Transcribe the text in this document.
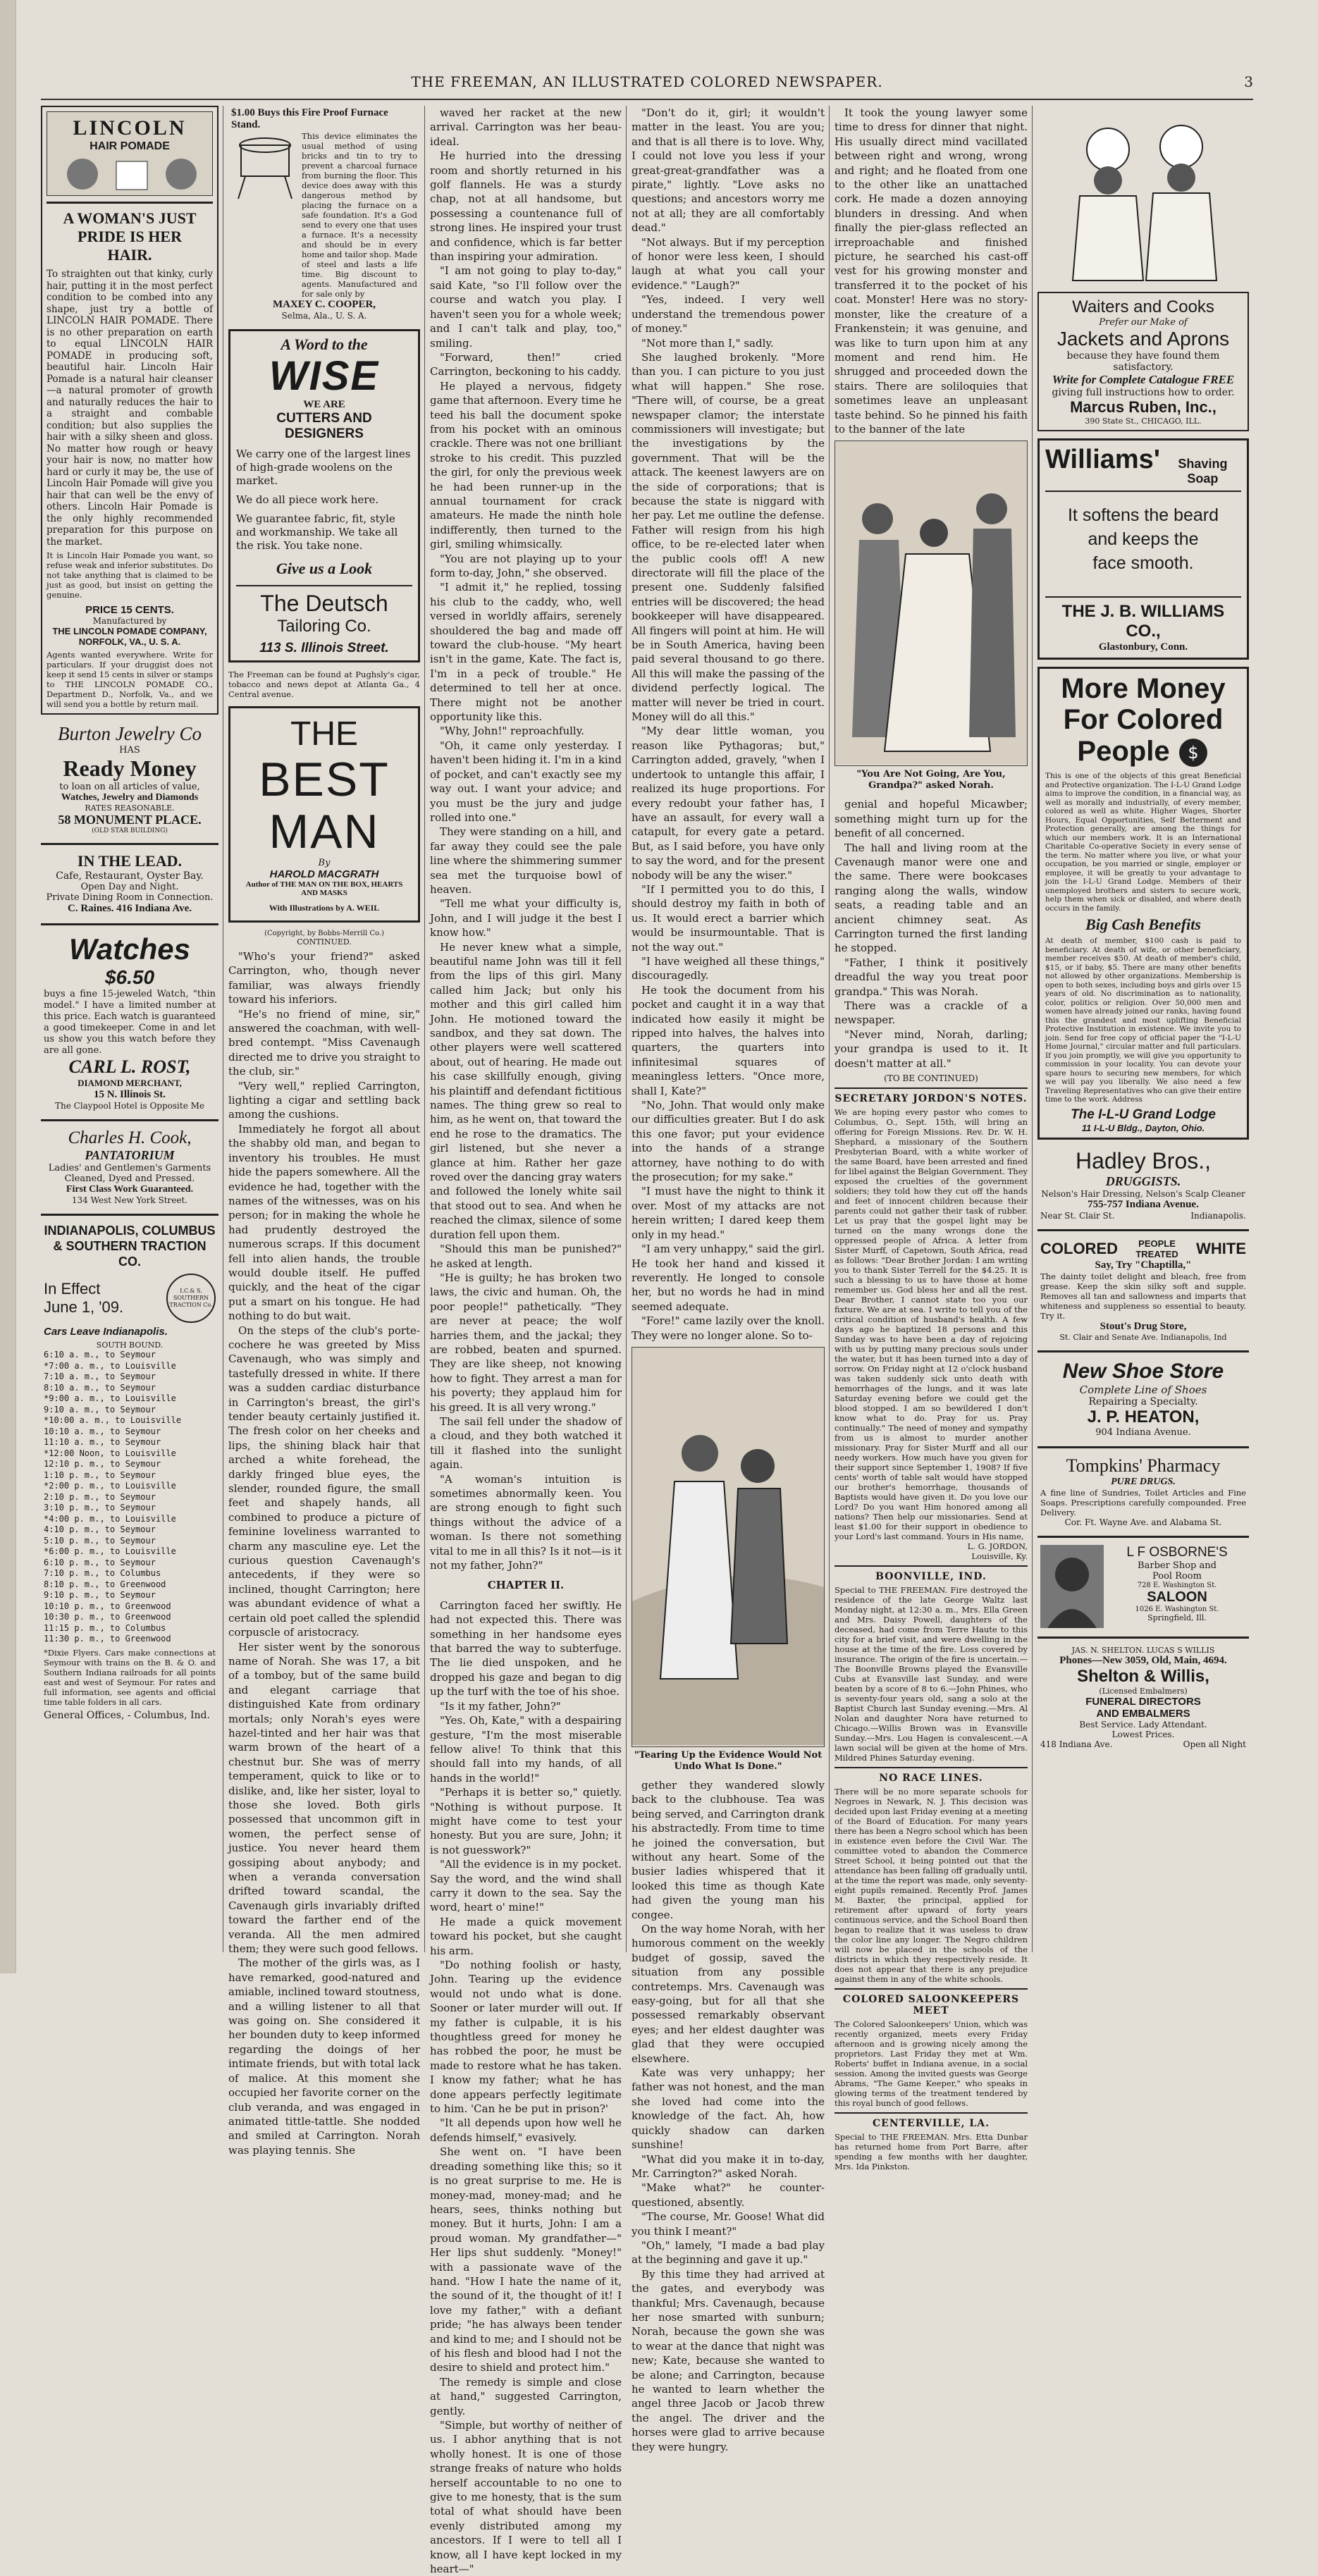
THE FREEMAN, AN ILLUSTRATED COLORED NEWSPAPER.	3
LINCOLN
HAIR POMADE
A WOMAN'S JUST
PRIDE IS HER
HAIR.
To straighten out that kinky, curly hair, putting it in the most perfect condition to be combed into any shape, just try a bottle of LINCOLN HAIR POMADE. There is no other preparation on earth to equal LINCOLN HAIR POMADE in producing soft, beautiful hair. Lincoln Hair Pomade is a natural hair cleanser—a natural promoter of growth and naturally reduces the hair to a straight and combable condition; but also supplies the hair with a silky sheen and gloss. No matter how rough or heavy your hair is now, no matter how hard or curly it may be, the use of Lincoln Hair Pomade will give you hair that can well be the envy of others. Lincoln Hair Pomade is the only highly recommended preparation for this purpose on the market.
It is Lincoln Hair Pomade you want, so refuse weak and inferior substitutes. Do not take anything that is claimed to be just as good, but insist on getting the genuine.
PRICE 15 CENTS.
Manufactured by
THE LINCOLN POMADE COMPANY,
NORFOLK, VA., U. S. A.
Agents wanted everywhere. Write for particulars. If your druggist does not keep it send 15 cents in silver or stamps to THE LINCOLN POMADE CO., Department D., Norfolk, Va., and we will send you a bottle by return mail.
Burton Jewelry Co
HAS
Ready Money
to loan on all articles of value,
Watches, Jewelry and Diamonds
RATES REASONABLE.
58 MONUMENT PLACE.
(OLD STAR BUILDING)
IN THE LEAD.
Cafe, Restaurant, Oyster Bay.
Open Day and Night.
Private Dining Room in Connection.
C. Raines. 416 Indiana Ave.
Watches
$6.50
buys a fine 15-jeweled Watch, "thin model." I have a limited number at this price. Each watch is guaranteed a good timekeeper. Come in and let us show you this watch before they are all gone.
CARL L. ROST,
DIAMOND MERCHANT,
15 N. Illinois St.
The Claypool Hotel is Opposite Me
Charles H. Cook,
PANTATORIUM
Ladies' and Gentlemen's Garments Cleaned, Dyed and Pressed.
First Class Work Guaranteed.
134 West New York Street.
INDIANAPOLIS, COLUMBUS & SOUTHERN TRACTION CO.
In Effect
June 1, '09.
I.C.& S. SOUTHERN TRACTION Co.
Cars Leave Indianapolis.
SOUTH BOUND.
6:10 a. m., to Seymour
*7:00 a. m., to Louisville
7:10 a. m., to Seymour
8:10 a. m., to Seymour
*9:00 a. m., to Louisville
9:10 a. m., to Seymour
*10:00 a. m., to Louisville
10:10 a. m., to Seymour
11:10 a. m., to Seymour
*12:00 Noon, to Louisville
12:10 p. m., to Seymour
1:10 p. m., to Seymour
*2:00 p. m., to Louisville
2:10 p. m., to Seymour
3:10 p. m., to Seymour
*4:00 p. m., to Louisville
4:10 p. m., to Seymour
5:10 p. m., to Seymour
*6:00 p. m., to Louisville
6:10 p. m., to Seymour
7:10 p. m., to Columbus
8:10 p. m., to Greenwood
9:10 p. m., to Seymour
10:10 p. m., to Greenwood
10:30 p. m., to Greenwood
11:15 p. m., to Columbus
11:30 p. m., to Greenwood
*Dixie Flyers. Cars make connections at Seymour with trains on the B. & O. and Southern Indiana railroads for all points east and west of Seymour. For rates and full information, see agents and official time table folders in all cars.
General Offices, - Columbus, Ind.
$1.00 Buys this Fire Proof Furnace Stand.
This device eliminates the usual method of using bricks and tin to try to prevent a charcoal furnace from burning the floor. This device does away with this dangerous method by placing the furnace on a safe foundation. It's a God send to every one that uses a furnace. It's a necessity and should be in every home and tailor shop. Made of steel and lasts a life time. Big discount to agents. Manufactured and for sale only by
MAXEY C. COOPER,
Selma, Ala., U. S. A.
A Word to the
WISE
WE ARE
CUTTERS AND DESIGNERS
We carry one of the largest lines of high-grade woolens on the market.
We do all piece work here.
We guarantee fabric, fit, style and workmanship. We take all the risk. You take none.
Give us a Look
The Deutsch
Tailoring Co.
113 S. Illinois Street.
The Freeman can be found at Pughsly's cigar, tobacco and news depot at Atlanta Ga., 4 Central avenue.
THE
BEST
MAN
By
HAROLD MACGRATH
Author of THE MAN ON THE BOX, HEARTS AND MASKS
With Illustrations by A. WEIL
(Copyright, by Bobbs-Merrill Co.)
CONTINUED.

"Who's your friend?" asked Carrington, who, though never familiar, was always friendly toward his inferiors.

"He's no friend of mine, sir," answered the coachman, with well-bred contempt. "Miss Cavenaugh directed me to drive you straight to the club, sir."

"Very well," replied Carrington, lighting a cigar and settling back among the cushions.

Immediately he forgot all about the shabby old man, and began to inventory his troubles. He must hide the papers somewhere. All the evidence he had, together with the names of the witnesses, was on his person; for in making the whole he had prudently destroyed the numerous scraps. If this document fell into alien hands, the trouble would double itself. He puffed quickly, and the heat of the cigar put a smart on his tongue. He had nothing to do but wait.

On the steps of the club's porte-cochere he was greeted by Miss Cavenaugh, who was simply and tastefully dressed in white. If there was a sudden cardiac disturbance in Carrington's breast, the girl's tender beauty certainly justified it. The fresh color on her cheeks and lips, the shining black hair that arched a white forehead, the darkly fringed blue eyes, the slender, rounded figure, the small feet and shapely hands, all combined to produce a picture of feminine loveliness warranted to charm any masculine eye. Let the curious question Cavenaugh's antecedents, if they were so inclined, thought Carrington; here was abundant evidence of what a certain old poet called the splendid corpuscle of aristocracy.

Her sister went by the sonorous name of Norah. She was 17, a bit of a tomboy, but of the same build and elegant carriage that distinguished Kate from ordinary mortals; only Norah's eyes were hazel-tinted and her hair was that warm brown of the heart of a chestnut bur. She was of merry temperament, quick to like or to dislike, and, like her sister, loyal to those she loved. Both girls possessed that uncommon gift in women, the perfect sense of justice. You never heard them gossiping about anybody; and when a veranda conversation drifted toward scandal, the Cavenaugh girls invariably drifted toward the farther end of the veranda. All the men admired them; they were such good fellows.

The mother of the girls was, as I have remarked, good-natured and amiable, inclined toward stoutness, and a willing listener to all that was going on. She considered it her bounden duty to keep informed regarding the doings of her intimate friends, but with total lack of malice. At this moment she occupied her favorite corner on the club veranda, and was engaged in animated tittle-tattle. She nodded and smiled at Carrington. Norah was playing tennis. She

waved her racket at the new arrival. Carrington was her beau-ideal.

He hurried into the dressing room and shortly returned in his golf flannels. He was a sturdy chap, not at all handsome, but possessing a countenance full of strong lines. He inspired your trust and confidence, which is far better than inspiring your admiration.

"I am not going to play to-day," said Kate, "so I'll follow over the course and watch you play. I haven't seen you for a whole week; and I can't talk and play, too," smiling.

"Forward, then!" cried Carrington, beckoning to his caddy.

He played a nervous, fidgety game that afternoon. Every time he teed his ball the document spoke from his pocket with an ominous crackle. There was not one brilliant stroke to his credit. This puzzled the girl, for only the previous week he had been runner-up in the annual tournament for crack amateurs. He made the ninth hole indifferently, then turned to the girl, smiling whimsically.

"You are not playing up to your form to-day, John," she observed.

"I admit it," he replied, tossing his club to the caddy, who, well versed in worldly affairs, serenely shouldered the bag and made off toward the club-house. "My heart isn't in the game, Kate. The fact is, I'm in a peck of trouble." He determined to tell her at once. There might not be another opportunity like this.

"Why, John!" reproachfully.

"Oh, it came only yesterday. I haven't been hiding it. I'm in a kind of pocket, and can't exactly see my way out. I want your advice; and you must be the jury and judge rolled into one."

They were standing on a hill, and far away they could see the pale line where the shimmering summer sea met the turquoise bowl of heaven.

"Tell me what your difficulty is, John, and I will judge it the best I know how."

He never knew what a simple, beautiful name John was till it fell from the lips of this girl. Many called him Jack; but only his mother and this girl called him John. He motioned toward the sandbox, and they sat down. The other players were well scattered about, out of hearing. He made out his case skillfully enough, giving his plaintiff and defendant fictitious names. The thing grew so real to him, as he went on, that toward the end he rose to the dramatics. The girl listened, but she never a glance at him. Rather her gaze roved over the dancing gray waters and followed the lonely white sail that stood out to sea. And when he reached the climax, silence of some duration fell upon them.

"Should this man be punished?" he asked at length.

"He is guilty; he has broken two laws, the civic and human. Oh, the poor people!" pathetically. "They are never at peace; the wolf harries them, and the jackal; they are robbed, beaten and spurned. They are like sheep, not knowing how to fight. They arrest a man for his poverty; they applaud him for his greed. It is all very wrong."

The sail fell under the shadow of a cloud, and they both watched it till it flashed into the sunlight again.

"A woman's intuition is sometimes abnormally keen. You are strong enough to fight such things without the advice of a woman. Is there not something vital to me in all this? Is it not—is it not my father, John?"

CHAPTER II.

Carrington faced her swiftly. He had not expected this. There was something in her handsome eyes that barred the way to subterfuge. The lie died unspoken, and he dropped his gaze and began to dig up the turf with the toe of his shoe.

"Is it my father, John?"

"Yes. Oh, Kate," with a despairing gesture, "I'm the most miserable fellow alive! To think that this should fall into my hands, of all hands in the world!"

"Perhaps it is better so," quietly. "Nothing is without purpose. It might have come to test your honesty. But you are sure, John; it is not guesswork?"

"All the evidence is in my pocket. Say the word, and the wind shall carry it down to the sea. Say the word, heart o' mine!"

He made a quick movement toward his pocket, but she caught his arm.

"Do nothing foolish or hasty, John. Tearing up the evidence would not undo what is done. Sooner or later murder will out. If my father is culpable, it is his thoughtless greed for money he has robbed the poor, he must be made to restore what he has taken. I know my father; what he has done appears perfectly legitimate to him. 'Can he be put in prison?'

"It all depends upon how well he defends himself," evasively.

She went on. "I have been dreading something like this; so it is no great surprise to me. He is money-mad, money-mad; and he hears, sees, thinks nothing but money. But it hurts, John: I am a proud woman. My grandfather—" Her lips shut suddenly. "Money!" with a passionate wave of the hand. "How I hate the name of it, the sound of it, the thought of it! I love my father," with a defiant pride; "he has always been tender and kind to me; and I should not be of his flesh and blood had I not the desire to shield and protect him."

The remedy is simple and close at hand," suggested Carrington, gently.

"Simple, but worthy of neither of us. I abhor anything that is not wholly honest. It is one of those strange freaks of nature who holds herself accountable to no one to give to me honesty, that is the sum total of what should have been evenly distributed among my ancestors. If I were to tell all I know, all I have kept locked in my heart—"

"Don't do it, girl; it wouldn't matter in the least. You are you; and that is all there is to love. Why, I could not love you less if your great-great-grandfather was a pirate," lightly. "Love asks no questions; and ancestors worry me not at all; they are all comfortably dead."

"Not always. But if my perception of honor were less keen, I should laugh at what you call your evidence." "Laugh?"

"Yes, indeed. I very well understand the tremendous power of money."

"Not more than I," sadly.

She laughed brokenly. "More than you. I can picture to you just what will happen." She rose. "There will, of course, be a great newspaper clamor; the interstate commissioners will investigate; but the investigations by the government. That will be the attack. The keenest lawyers are on the side of corporations; that is because the state is niggard with her pay. Let me outline the defense. Father will resign from his high office, to be re-elected later when the public cools off! A new directorate will fill the place of the present one. Suddenly falsified entries will be discovered; the head bookkeeper will have disappeared. All fingers will point at him. He will be in South America, having been paid several thousand to go there. All this will make the passing of the dividend perfectly logical. The matter will never be tried in court. Money will do all this."

"My dear little woman, you reason like Pythagoras; but," Carrington added, gravely, "when I undertook to untangle this affair, I realized its huge proportions. For every redoubt your father has, I have an assault, for every wall a catapult, for every gate a petard. But, as I said before, you have only to say the word, and for the present nobody will be any the wiser."

"If I permitted you to do this, I should destroy my faith in both of us. It would erect a barrier which would be insurmountable. That is not the way out."

"I have weighed all these things," discouragedly.

He took the document from his pocket and caught it in a way that indicated how easily it might be ripped into halves, the halves into quarters, the quarters into infinitesimal squares of meaningless letters. "Once more, shall I, Kate?"

"No, John. That would only make our difficulties greater. But I do ask this one favor; put your evidence into the hands of a strange attorney, have nothing to do with the prosecution; for my sake."

"I must have the night to think it over. Most of my attacks are not herein written; I dared keep them only in my head."

"I am very unhappy," said the girl. He took her hand and kissed it reverently. He longed to console her, but no words he had in mind seemed adequate.

"Fore!" came lazily over the knoll. They were no longer alone. So to-

"Tearing Up the Evidence Would Not Undo What Is Done."

gether they wandered slowly back to the clubhouse. Tea was being served, and Carrington drank his abstractedly. From time to time he joined the conversation, but without any heart. Some of the busier ladies whispered that it looked this time as though Kate had given the young man his congee.

On the way home Norah, with her humorous comment on the weekly budget of gossip, saved the situation from any possible contretemps. Mrs. Cavenaugh was easy-going, but for all that she possessed remarkably observant eyes; and her eldest daughter was glad that they were occupied elsewhere.

Kate was very unhappy; her father was not honest, and the man she loved had come into the knowledge of the fact. Ah, how quickly shadow can darken sunshine!

"What did you make it in to-day, Mr. Carrington?" asked Norah.

"Make what?" he counter-questioned, absently.

"The course, Mr. Goose! What did you think I meant?"

"Oh," lamely, "I made a bad play at the beginning and gave it up."

By this time they had arrived at the gates, and everybody was thankful; Mrs. Cavenaugh, because her nose smarted with sunburn; Norah, because the gown she was to wear at the dance that night was new; Kate, because she wanted to be alone; and Carrington, because he wanted to learn whether the angel three Jacob or Jacob threw the angel. The driver and the horses were glad to arrive because they were hungry.

It took the young lawyer some time to dress for dinner that night. His usually direct mind vacillated between right and wrong, wrong and right; and he floated from one to the other like an unattached cork. He made a dozen annoying blunders in dressing. And when finally the pier-glass reflected an irreproachable and finished picture, he searched his cast-off vest for his growing monster and transferred it to the pocket of his coat. Monster! Here was no story-monster, like the creature of a Frankenstein; it was genuine, and was like to turn upon him at any moment and rend him. He shrugged and proceeded down the stairs. There are soliloquies that sometimes leave an unpleasant taste behind. So he pinned his faith to the banner of the late

"You Are Not Going, Are You, Grandpa?" asked Norah.

genial and hopeful Micawber; something might turn up for the benefit of all concerned.

The hall and living room at the Cavenaugh manor were one and the same. There were bookcases ranging along the walls, window seats, a reading table and an ancient chimney seat. As Carrington turned the first landing he stopped.

"Father, I think it positively dreadful the way you treat poor grandpa." This was Norah.

There was a crackle of a newspaper.

"Never mind, Norah, darling; your grandpa is used to it. It doesn't matter at all."

(TO BE CONTINUED)
SECRETARY JORDON'S NOTES.
We are hoping every pastor who comes to Columbus, O., Sept. 15th, will bring an offering for Foreign Missions. Rev. Dr. W. H. Shephard, a missionary of the Southern Presbyterian Board, with a white worker of the same Board, have been arrested and fined for libel against the Belgian Government. They exposed the cruelties of the government soldiers; they told how they cut off the hands and feet of innocent children because their parents could not gather their task of rubber. Let us pray that the gospel light may be turned on the many wrongs done the oppressed people of Africa. A letter from Sister Murff, of Capetown, South Africa, read as follows: "Dear Brother Jordan: I am writing you to thank Sister Terrell for the $4.25. It is such a blessing to us to have those at home remember us. God bless her and all the rest. Dear Brother, I cannot state too you our fixture. We are at sea. I write to tell you of the critical condition of husband's health. A few days ago he baptized 18 persons and this Sunday was to have been a day of rejoicing with us by putting many precious souls under the water, but it has been turned into a day of sorrow. On Friday night at 12 o'clock husband was taken suddenly sick unto death with hemorrhages of the lungs, and it was late Saturday evening before we could get the blood stopped. I am so bewildered I don't know what to do. Pray for us. Pray continually." The need of money and sympathy from us is almost to murder another missionary. Pray for Sister Murff and all our needy workers. How much have you given for their support since September 1, 1908? If five cents' worth of table salt would have stopped our brother's hemorrhage, thousands of Baptists would have given it. Do you love our Lord? Do you want Him honored among all nations? Then help our missionaries. Send at least $1.00 for their support in obedience to your Lord's last command. Yours in His name,
L. G. JORDON,
Louisville, Ky.
BOONVILLE, IND.
Special to THE FREEMAN. Fire destroyed the residence of the late George Waltz last Monday night, at 12:30 a. m., Mrs. Ella Green and Mrs. Daisy Powell, daughters of the deceased, had come from Terre Haute to this city for a brief visit, and were dwelling in the house at the time of the fire. Loss covered by insurance. The origin of the fire is uncertain.—The Boonville Browns played the Evansville Cubs at Evansville last Sunday, and were beaten by a score of 8 to 6.—John Phines, who is seventy-four years old, sang a solo at the Baptist Church last Sunday evening.—Mrs. Al Nolan and daughter Nora have returned to Chicago.—Willis Brown was in Evansville Sunday.—Mrs. Lou Hagen is convalescent.—A lawn social will be given at the home of Mrs. Mildred Phines Saturday evening.
NO RACE LINES.
There will be no more separate schools for Negroes in Newark, N. J. This decision was decided upon last Friday evening at a meeting of the Board of Education. For many years there has been a Negro school which has been in existence even before the Civil War. The committee voted to abandon the Commerce Street School, it being pointed out that the attendance has been falling off gradually until, at the time the report was made, only seventy-eight pupils remained. Recently Prof. James M. Baxter, the principal, applied for retirement after upward of forty years continuous service, and the School Board then began to realize that it was useless to draw the color line any longer. The Negro children will now be placed in the schools of the districts in which they respectively reside. It does not appear that there is any prejudice against them in any of the white schools.
COLORED SALOONKEEPERS MEET
The Colored Saloonkeepers' Union, which was recently organized, meets every Friday afternoon and is growing nicely among the proprietors. Last Friday they met at Wm. Roberts' buffet in Indiana avenue, in a social session. Among the invited guests was George Abrams, "The Game Keeper," who speaks in glowing terms of the treatment tendered by this royal bunch of good fellows.
CENTERVILLE, LA.
Special to THE FREEMAN. Mrs. Etta Dunbar has returned home from Port Barre, after spending a few months with her daughter, Mrs. Ida Pinkston.
Waiters and Cooks
Prefer our Make of
Jackets and Aprons
because they have found them satisfactory.
Write for Complete Catalogue FREE
giving full instructions how to order.
Marcus Ruben, Inc.,
390 State St., CHICAGO, ILL.
Williams'	Shaving Soap
It softens the beard
and keeps the
face smooth.
THE J. B. WILLIAMS CO.,
Glastonbury, Conn.
More Money
For Colored
People $
This is one of the objects of this great Beneficial and Protective organization. The I-L-U Grand Lodge aims to improve the condition, in a financial way, as well as morally and industrially, of every member, colored as well as white. Higher Wages, Shorter Hours, Equal Opportunities, Self Betterment and Protection generally, are among the things for which our members work. It is an International Charitable Co-operative Society in every sense of the term. No matter where you live, or what your occupation, be you married or single, employer or employee, it will be greatly to your advantage to join the I-L-U Grand Lodge. Members of their unemployed brothers and sisters to secure work, help them when sick or disabled, and where death occurs in the family.
Big Cash Benefits
At death of member, $100 cash is paid to beneficiary. At death of wife, or other beneficiary, member receives $50. At death of member's child, $15, or if baby, $5. There are many other benefits not allowed by other organizations. Membership is open to both sexes, including boys and girls over 15 years of old. No discrimination as to nationality, color, politics or religion. Over 50,000 men and women have already joined our ranks, having found this the grandest and most uplifting Beneficial Protective Institution in existence. We invite you to join. Send for free copy of official paper the "I-L-U Home Journal," circular matter and full particulars. If you join promptly, we will give you opportunity to commission in your locality. You can devote your spare hours to securing new members, for which we will pay you liberally. We also need a few Traveling Representatives who can give their entire time to the work. Address
The I-L-U Grand Lodge
11 I-L-U Bldg., Dayton, Ohio.
Hadley Bros.,
DRUGGISTS.
Nelson's Hair Dressing, Nelson's Scalp Cleaner
755-757 Indiana Avenue.
Near St. Clair St.	Indianapolis.
COLORED	PEOPLE TREATED	WHITE
Say, Try "Chaptilla,"
The dainty toilet delight and bleach, free from grease. Keep the skin silky soft and supple. Removes all tan and sallowness and imparts that whiteness and suppleness so essential to beauty. Try it.
Stout's Drug Store,
St. Clair and Senate Ave. Indianapolis, Ind
New Shoe Store
Complete Line of Shoes
Repairing a Specialty.
J. P. HEATON,
904 Indiana Avenue.
Tompkins' Pharmacy
PURE DRUGS.
A fine line of Sundries, Toilet Articles and Fine Soaps. Prescriptions carefully compounded. Free Delivery.
Cor. Ft. Wayne Ave. and Alabama St.
L F OSBORNE'S
Barber Shop and
Pool Room
728 E. Washington St.
SALOON
1026 E. Washington St.
Springfield, Ill.
JAS. N. SHELTON. LUCAS S WILLIS
Phones—New 3059, Old, Main, 4694.
Shelton & Willis,
(Licensed Embalmers)
FUNERAL DIRECTORS
AND EMBALMERS
Best Service. Lady Attendant.
Lowest Prices.
418 Indiana Ave.	Open all Night
